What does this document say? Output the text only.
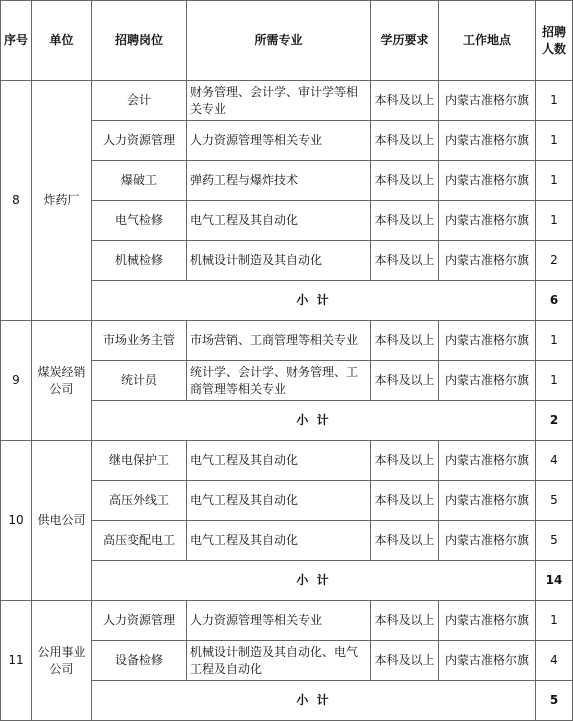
序号	单位	招聘岗位	所需专业	学历要求	工作地点	招聘人数
8	炸药厂	会计	财务管理、会计学、审计学等相关专业	本科及以上	内蒙古准格尔旗	1
		人力资源管理	人力资源管理等相关专业	本科及以上	内蒙古准格尔旗	1
		爆破工	弹药工程与爆炸技术	本科及以上	内蒙古准格尔旗	1
		电气检修	电气工程及其自动化	本科及以上	内蒙古准格尔旗	1
		机械检修	机械设计制造及其自动化	本科及以上	内蒙古准格尔旗	2
		小 计				6
9	煤炭经销公司	市场业务主管	市场营销、工商管理等相关专业	本科及以上	内蒙古准格尔旗	1
		统计员	统计学、会计学、财务管理、工商管理等相关专业	本科及以上	内蒙古准格尔旗	1
		小 计				2
10	供电公司	继电保护工	电气工程及其自动化	本科及以上	内蒙古准格尔旗	4
		高压外线工	电气工程及其自动化	本科及以上	内蒙古准格尔旗	5
		高压变配电工	电气工程及其自动化	本科及以上	内蒙古准格尔旗	5
		小 计				14
11	公用事业公司	人力资源管理	人力资源管理等相关专业	本科及以上	内蒙古准格尔旗	1
		设备检修	机械设计制造及其自动化、电气工程及自动化	本科及以上	内蒙古准格尔旗	4
		小 计				5
